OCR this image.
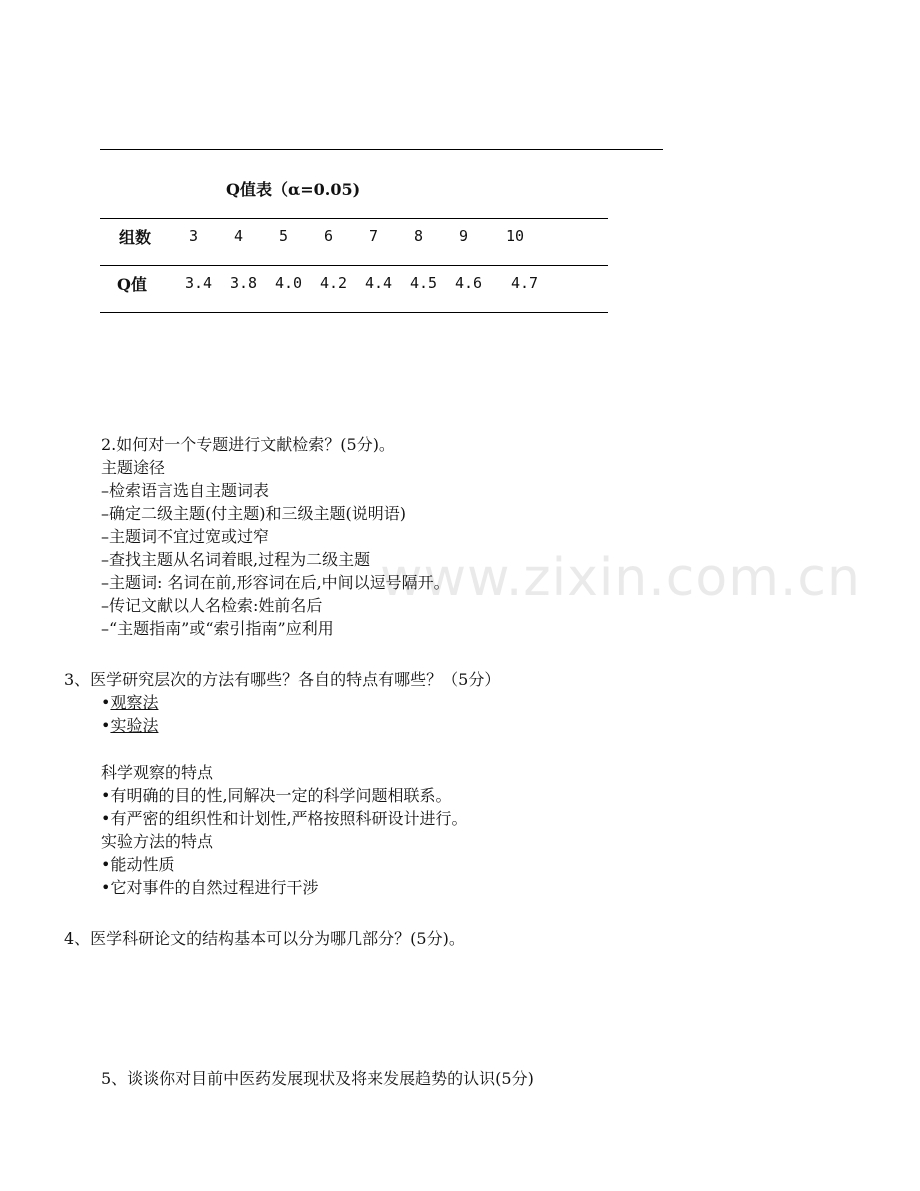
Q值表（α=0.05)
组数	3 4 5 6 7 8 9	10
Q值	3.4 3.8 4.0 4.2 4.4 4.5 4.6 4.7
www.zixin.com.cn
2.如何对一个专题进行文献检索？(5分)。
主题途径
–检索语言选自主题词表
–确定二级主题(付主题)和三级主题(说明语)
–主题词不宜过宽或过窄
–查找主题从名词着眼,过程为二级主题
–主题词: 名词在前,形容词在后,中间以逗号隔开。
–传记文献以人名检索:姓前名后
–“主题指南”或“索引指南”应利用
3、医学研究层次的方法有哪些？各自的特点有哪些？（5分）
•观察法
•实验法
科学观察的特点
•有明确的目的性,同解决一定的科学问题相联系。
•有严密的组织性和计划性,严格按照科研设计进行。
实验方法的特点
•能动性质
•它对事件的自然过程进行干涉
4、医学科研论文的结构基本可以分为哪几部分？(5分)。
5、谈谈你对目前中医药发展现状及将来发展趋势的认识(5分)
